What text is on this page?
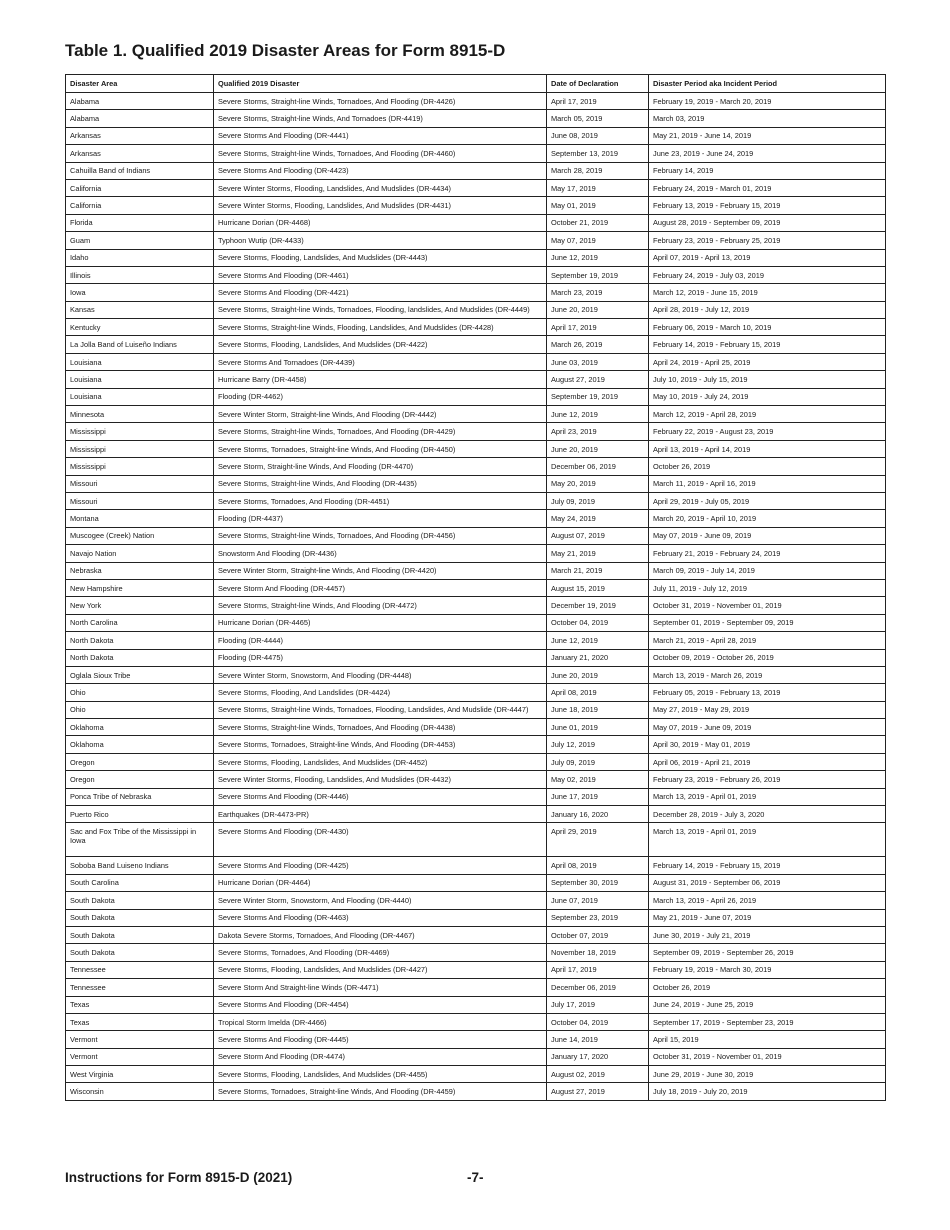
Table 1. Qualified 2019 Disaster Areas for Form 8915-D
Disaster Area	Qualified 2019 Disaster	Date of Declaration	Disaster Period aka Incident Period
Alabama	Severe Storms, Straight-line Winds, Tornadoes, And Flooding (DR-4426)	April 17, 2019	February 19, 2019 - March 20, 2019
Alabama	Severe Storms, Straight-line Winds, And Tornadoes (DR-4419)	March 05, 2019	March 03, 2019
Arkansas	Severe Storms And Flooding (DR-4441)	June 08, 2019	May 21, 2019 - June 14, 2019
Arkansas	Severe Storms, Straight-line Winds, Tornadoes, And Flooding (DR-4460)	September 13, 2019	June 23, 2019 - June 24, 2019
Cahuilla Band of Indians	Severe Storms And Flooding (DR-4423)	March 28, 2019	February 14, 2019
California	Severe Winter Storms, Flooding, Landslides, And Mudslides (DR-4434)	May 17, 2019	February 24, 2019 - March 01, 2019
California	Severe Winter Storms, Flooding, Landslides, And Mudslides (DR-4431)	May 01, 2019	February 13, 2019 - February 15, 2019
Florida	Hurricane Dorian (DR-4468)	October 21, 2019	August 28, 2019 - September 09, 2019
Guam	Typhoon Wutip (DR-4433)	May 07, 2019	February 23, 2019 - February 25, 2019
Idaho	Severe Storms, Flooding, Landslides, And Mudslides (DR-4443)	June 12, 2019	April 07, 2019 - April 13, 2019
Illinois	Severe Storms And Flooding (DR-4461)	September 19, 2019	February 24, 2019 - July 03, 2019
Iowa	Severe Storms And Flooding (DR-4421)	March 23, 2019	March 12, 2019 - June 15, 2019
Kansas	Severe Storms, Straight-line Winds, Tornadoes, Flooding, landslides, And Mudslides (DR-4449)	June 20, 2019	April 28, 2019 - July 12, 2019
Kentucky	Severe Storms, Straight-line Winds, Flooding, Landslides, And Mudslides (DR-4428)	April 17, 2019	February 06, 2019 - March 10, 2019
La Jolla Band of Luiseño Indians	Severe Storms, Flooding, Landslides, And Mudslides (DR-4422)	March 26, 2019	February 14, 2019 - February 15, 2019
Louisiana	Severe Storms And Tornadoes (DR-4439)	June 03, 2019	April 24, 2019 - April 25, 2019
Louisiana	Hurricane Barry (DR-4458)	August 27, 2019	July 10, 2019 - July 15, 2019
Louisiana	Flooding (DR-4462)	September 19, 2019	May 10, 2019 - July 24, 2019
Minnesota	Severe Winter Storm, Straight-line Winds, And Flooding (DR-4442)	June 12, 2019	March 12, 2019 - April 28, 2019
Mississippi	Severe Storms, Straight-line Winds, Tornadoes, And Flooding (DR-4429)	April 23, 2019	February 22, 2019 - August 23, 2019
Mississippi	Severe Storms, Tornadoes, Straight-line Winds, And Flooding (DR-4450)	June 20, 2019	April 13, 2019 - April 14, 2019
Mississippi	Severe Storm, Straight-line Winds, And Flooding (DR-4470)	December 06, 2019	October 26, 2019
Missouri	Severe Storms, Straight-line Winds, And Flooding (DR-4435)	May 20, 2019	March 11, 2019 - April 16, 2019
Missouri	Severe Storms, Tornadoes, And Flooding (DR-4451)	July 09, 2019	April 29, 2019 - July 05, 2019
Montana	Flooding (DR-4437)	May 24, 2019	March 20, 2019 - April 10, 2019
Muscogee (Creek) Nation	Severe Storms, Straight-line Winds, Tornadoes, And Flooding (DR-4456)	August 07, 2019	May 07, 2019 - June 09, 2019
Navajo Nation	Snowstorm And Flooding (DR-4436)	May 21, 2019	February 21, 2019 - February 24, 2019
Nebraska	Severe Winter Storm, Straight-line Winds, And Flooding (DR-4420)	March 21, 2019	March 09, 2019 - July 14, 2019
New Hampshire	Severe Storm And Flooding (DR-4457)	August 15, 2019	July 11, 2019 - July 12, 2019
New York	Severe Storms, Straight-line Winds, And Flooding (DR-4472)	December 19, 2019	October 31, 2019 - November 01, 2019
North Carolina	Hurricane Dorian (DR-4465)	October 04, 2019	September 01, 2019 - September 09, 2019
North Dakota	Flooding (DR-4444)	June 12, 2019	March 21, 2019 - April 28, 2019
North Dakota	Flooding (DR-4475)	January 21, 2020	October 09, 2019 - October 26, 2019
Oglala Sioux Tribe	Severe Winter Storm, Snowstorm, And Flooding (DR-4448)	June 20, 2019	March 13, 2019 - March 26, 2019
Ohio	Severe Storms, Flooding, And Landslides (DR-4424)	April 08, 2019	February 05, 2019 - February 13, 2019
Ohio	Severe Storms, Straight-line Winds, Tornadoes, Flooding, Landslides, And Mudslide (DR-4447)	June 18, 2019	May 27, 2019 - May 29, 2019
Oklahoma	Severe Storms, Straight-line Winds, Tornadoes, And Flooding (DR-4438)	June 01, 2019	May 07, 2019 - June 09, 2019
Oklahoma	Severe Storms, Tornadoes, Straight-line Winds, And Flooding (DR-4453)	July 12, 2019	April 30, 2019 - May 01, 2019
Oregon	Severe Storms, Flooding, Landslides, And Mudslides (DR-4452)	July 09, 2019	April 06, 2019 - April 21, 2019
Oregon	Severe Winter Storms, Flooding, Landslides, And Mudslides (DR-4432)	May 02, 2019	February 23, 2019 - February 26, 2019
Ponca Tribe of Nebraska	Severe Storms And Flooding (DR-4446)	June 17, 2019	March 13, 2019 - April 01, 2019
Puerto Rico	Earthquakes (DR-4473-PR)	January 16, 2020	December 28, 2019 - July 3, 2020
Sac and Fox Tribe of the Mississippi in Iowa	Severe Storms And Flooding (DR-4430)	April 29, 2019	March 13, 2019 - April 01, 2019
Soboba Band Luiseno Indians	Severe Storms And Flooding (DR-4425)	April 08, 2019	February 14, 2019 - February 15, 2019
South Carolina	Hurricane Dorian (DR-4464)	September 30, 2019	August 31, 2019 - September 06, 2019
South Dakota	Severe Winter Storm, Snowstorm, And Flooding (DR-4440)	June 07, 2019	March 13, 2019 - April 26, 2019
South Dakota	Severe Storms And Flooding (DR-4463)	September 23, 2019	May 21, 2019 - June 07, 2019
South Dakota	Dakota Severe Storms, Tornadoes, And Flooding (DR-4467)	October 07, 2019	June 30, 2019 - July 21, 2019
South Dakota	Severe Storms, Tornadoes, And Flooding (DR-4469)	November 18, 2019	September 09, 2019 - September 26, 2019
Tennessee	Severe Storms, Flooding, Landslides, And Mudslides (DR-4427)	April 17, 2019	February 19, 2019 - March 30, 2019
Tennessee	Severe Storm And Straight-line Winds (DR-4471)	December 06, 2019	October 26, 2019
Texas	Severe Storms And Flooding (DR-4454)	July 17, 2019	June 24, 2019 - June 25, 2019
Texas	Tropical Storm Imelda (DR-4466)	October 04, 2019	September 17, 2019 - September 23, 2019
Vermont	Severe Storms And Flooding (DR-4445)	June 14, 2019	April 15, 2019
Vermont	Severe Storm And Flooding (DR-4474)	January 17, 2020	October 31, 2019 - November 01, 2019
West Virginia	Severe Storms, Flooding, Landslides, And Mudslides (DR-4455)	August 02, 2019	June 29, 2019 - June 30, 2019
Wisconsin	Severe Storms, Tornadoes, Straight-line Winds, And Flooding (DR-4459)	August 27, 2019	July 18, 2019 - July 20, 2019
Instructions for Form 8915-D (2021)	-7-
